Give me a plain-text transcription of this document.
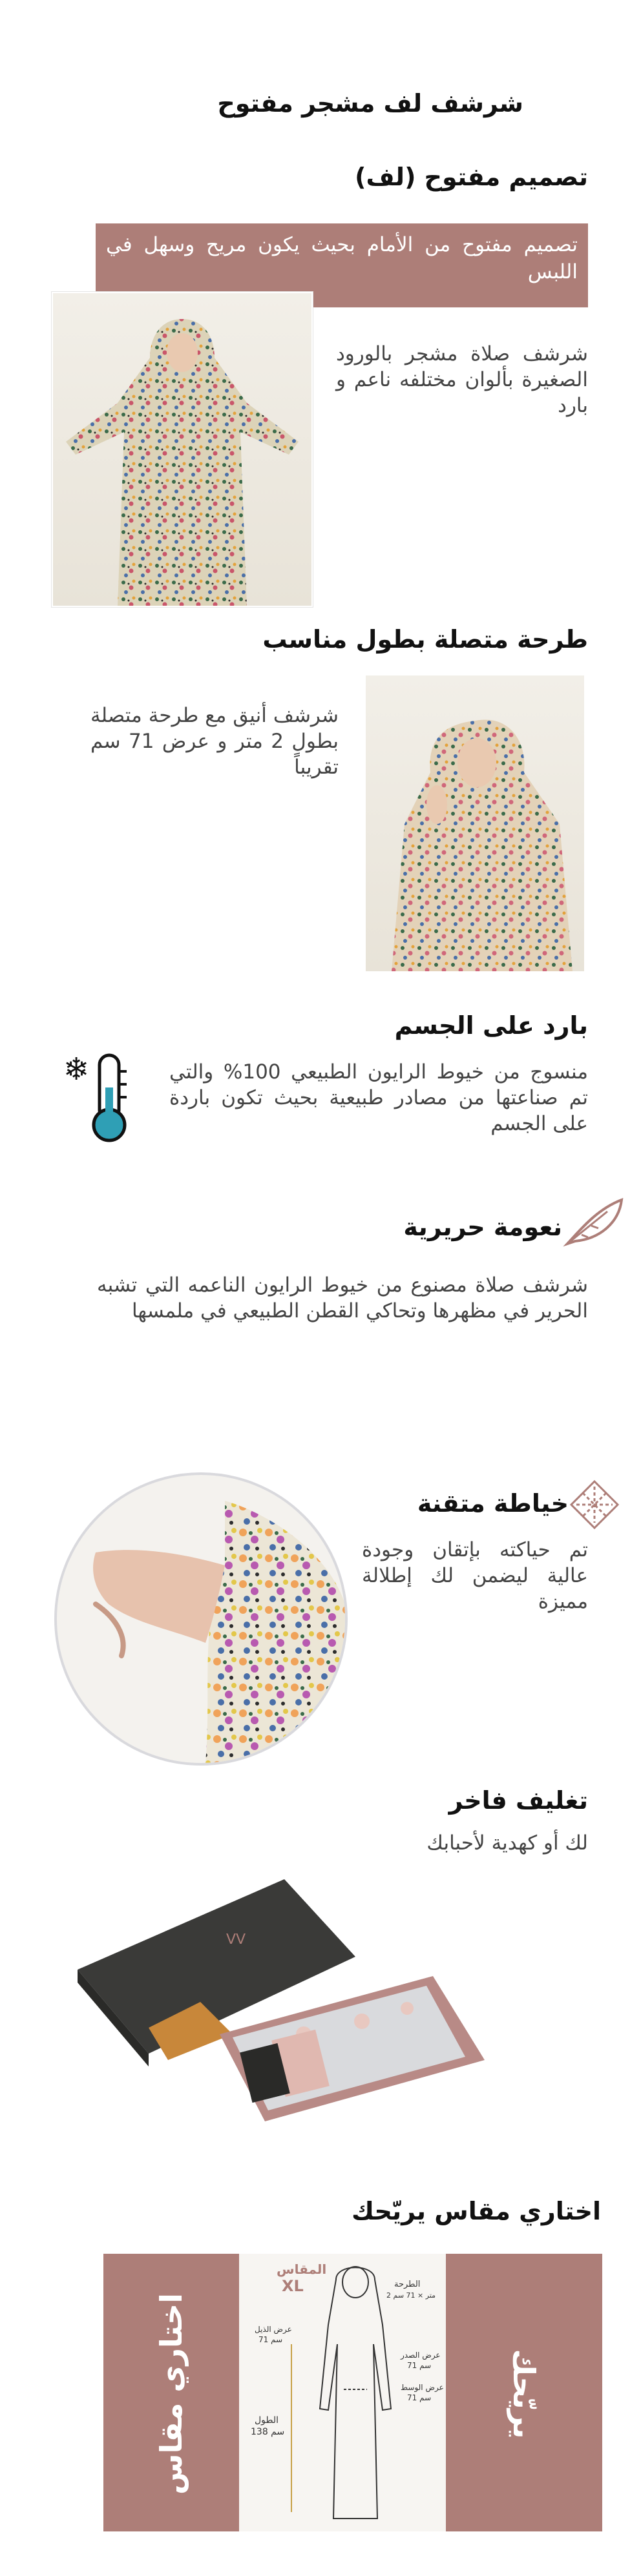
شرشف لف مشجر مفتوح
تصميم مفتوح (لف)
تصميم مفتوح من الأمام بحيث يكون مريح وسهل في اللبس
شرشف صلاة مشجر بالورود الصغيرة بألوان مختلفه ناعم و بارد
طرحة متصلة بطول مناسب
شرشف أنيق مع طرحة متصلة بطول 2 متر و عرض 71 سم تقريباً
بارد على الجسم
❄	منسوج من خيوط الرايون الطبيعي 100% والتي تم صناعتها من مصادر طبيعية بحيث تكون باردة على الجسم
نعومة حريرية
شرشف صلاة مصنوع من خيوط الرايون الناعمه التي تشبه الحرير في مظهرها وتحاكي القطن الطبيعي في ملمسها
خياطة متقنة
تم حياكته بإتقان وجودة عالية ليضمن لك إطلالة مميزة
تغليف فاخر
لك أو كهدية لأحبابك
ᐯᐯ
اختاري مقاس يريّحك
اختاري مقاس	يريّحك
المقاس
XL
الطول
138 سم
الطرحة
2 متر × 71 سم
عرض الصدر
71 سم
عرض الوسط
71 سم
عرض الذيل
71 سم
